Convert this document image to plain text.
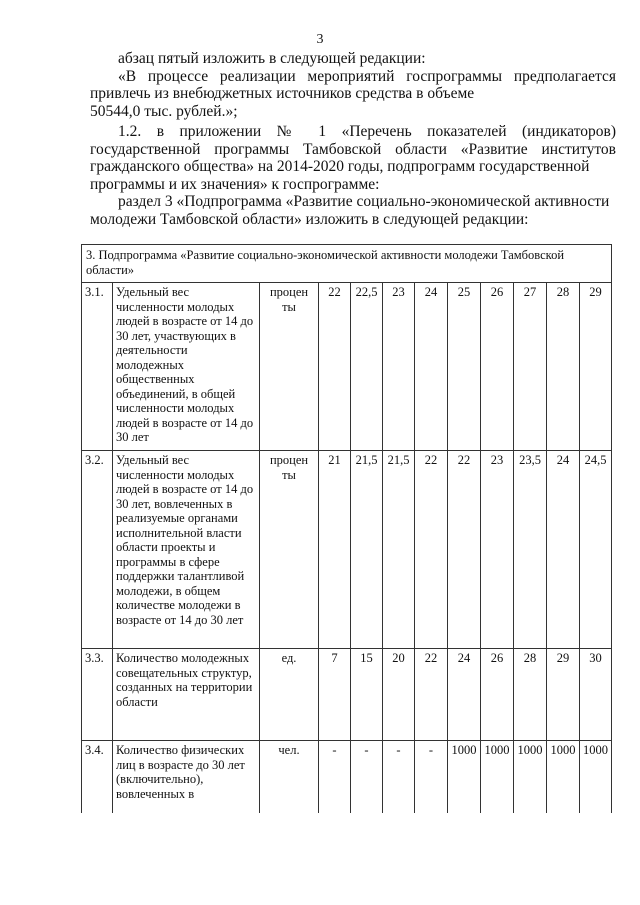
3

абзац пятый изложить в следующей редакции:

«В процессе реализации мероприятий госпрограммы предполагается привлечь из внебюджетных источников средства в объеме

50544,0 тыс. рублей.»;

1.2. в приложении № 1 «Перечень показателей (индикаторов) государственной программы Тамбовской области «Развитие институтов гражданского общества» на 2014-2020 годы, подпрограмм государственной

программы и их значения» к госпрограмме:

раздел 3 «Подпрограмма «Развитие социально-экономической активности

молодежи Тамбовской области» изложить в следующей редакции:

3. Подпрограмма «Развитие социально-экономической активности молодежи Тамбовской области»											
3.1.	Удельный вес численности молодых людей в возрасте от 14 до 30 лет, участвующих в деятельности молодежных общественных объединений, в общей численности молодых людей в возрасте от 14 до 30 лет	процен ты	22	22,5	23	24	25	26	27	28	29
3.2.	Удельный вес численности молодых людей в возрасте от 14 до 30 лет, вовлеченных в реализуемые органами исполнительной власти области проекты и программы в сфере поддержки талантливой молодежи, в общем количестве молодежи в возрасте от 14 до 30 лет	процен ты	21	21,5	21,5	22	22	23	23,5	24	24,5
3.3.	Количество молодежных совещательных структур, созданных на территории области	ед.	7	15	20	22	24	26	28	29	30
3.4.	Количество физических лиц в возрасте до 30 лет (включительно), вовлеченных в	чел.	-	-	-	-	1000	1000	1000	1000	1000
